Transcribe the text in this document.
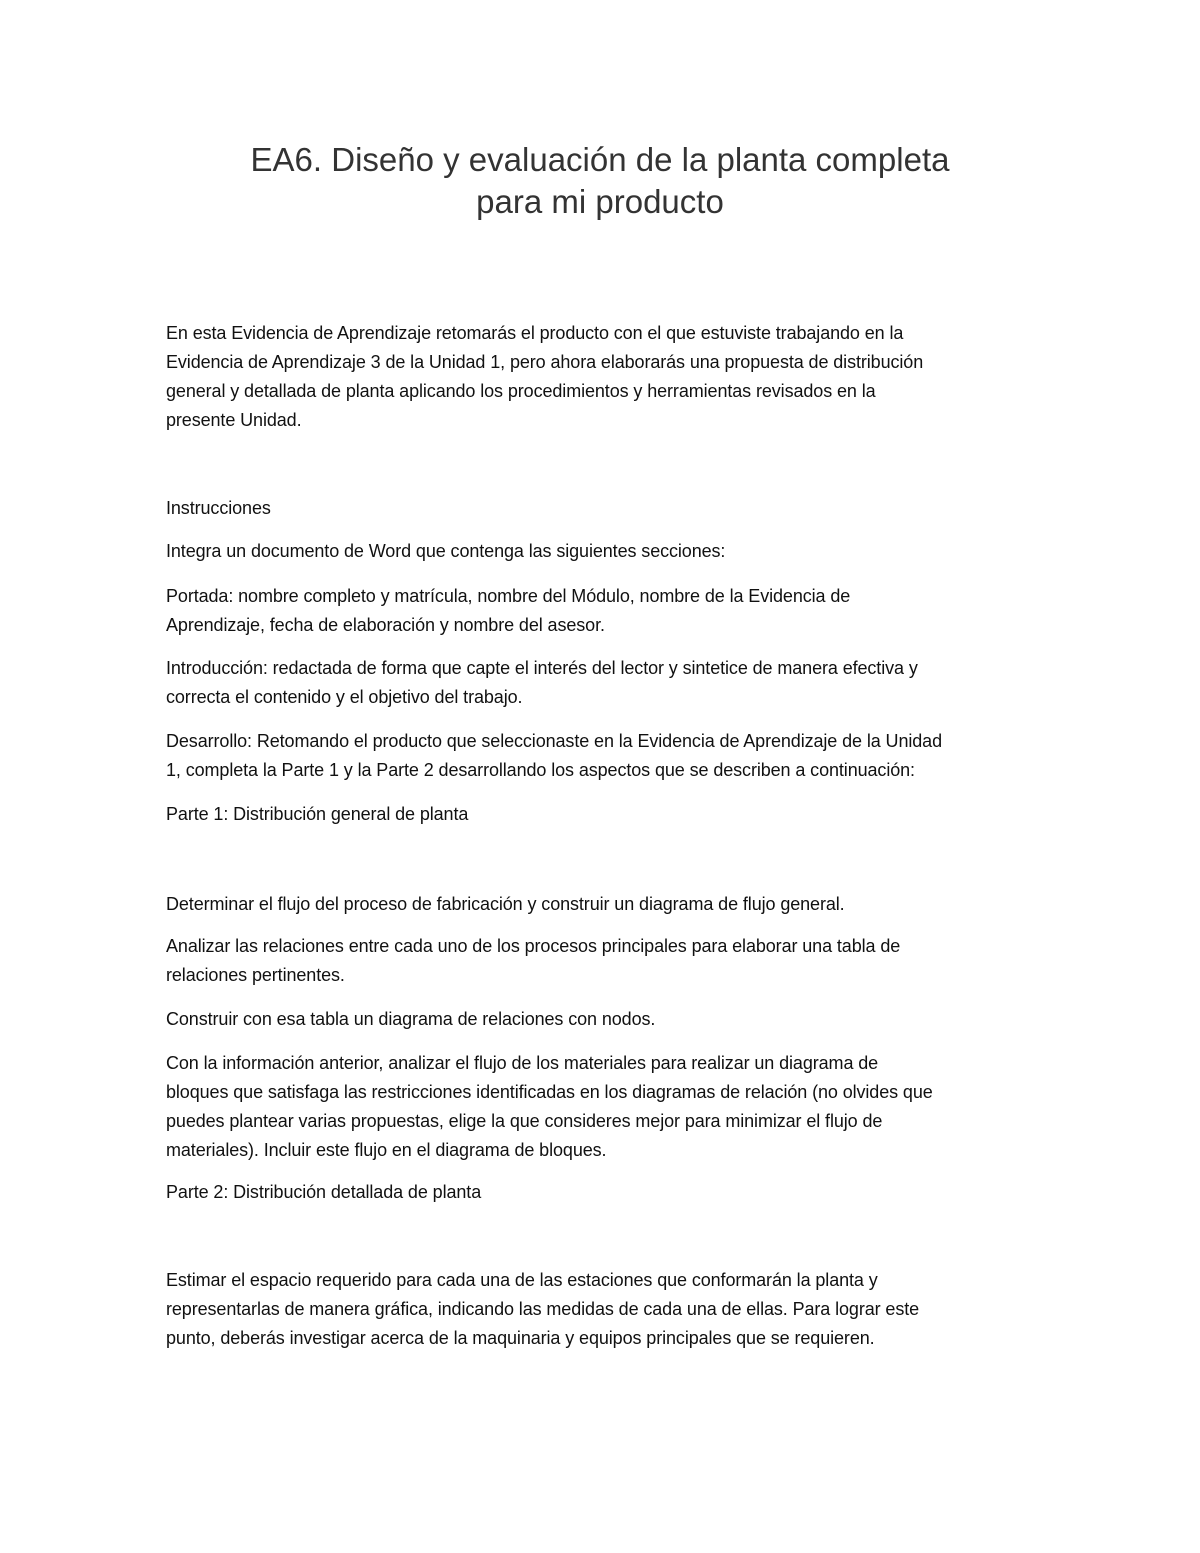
EA6. Diseño y evaluación de la planta completa
para mi producto
En esta Evidencia de Aprendizaje retomarás el producto con el que estuviste trabajando en la
Evidencia de Aprendizaje 3 de la Unidad 1, pero ahora elaborarás una propuesta de distribución
general y detallada de planta aplicando los procedimientos y herramientas revisados en la
presente Unidad.
Instrucciones
Integra un documento de Word que contenga las siguientes secciones:
Portada: nombre completo y matrícula, nombre del Módulo, nombre de la Evidencia de
Aprendizaje, fecha de elaboración y nombre del asesor.
Introducción: redactada de forma que capte el interés del lector y sintetice de manera efectiva y
correcta el contenido y el objetivo del trabajo.
Desarrollo: Retomando el producto que seleccionaste en la Evidencia de Aprendizaje de la Unidad
1, completa la Parte 1 y la Parte 2 desarrollando los aspectos que se describen a continuación:
Parte 1: Distribución general de planta
Determinar el flujo del proceso de fabricación y construir un diagrama de flujo general.
Analizar las relaciones entre cada uno de los procesos principales para elaborar una tabla de
relaciones pertinentes.
Construir con esa tabla un diagrama de relaciones con nodos.
Con la información anterior, analizar el flujo de los materiales para realizar un diagrama de
bloques que satisfaga las restricciones identificadas en los diagramas de relación (no olvides que
puedes plantear varias propuestas, elige la que consideres mejor para minimizar el flujo de
materiales). Incluir este flujo en el diagrama de bloques.
Parte 2: Distribución detallada de planta
Estimar el espacio requerido para cada una de las estaciones que conformarán la planta y
representarlas de manera gráfica, indicando las medidas de cada una de ellas. Para lograr este
punto, deberás investigar acerca de la maquinaria y equipos principales que se requieren.
